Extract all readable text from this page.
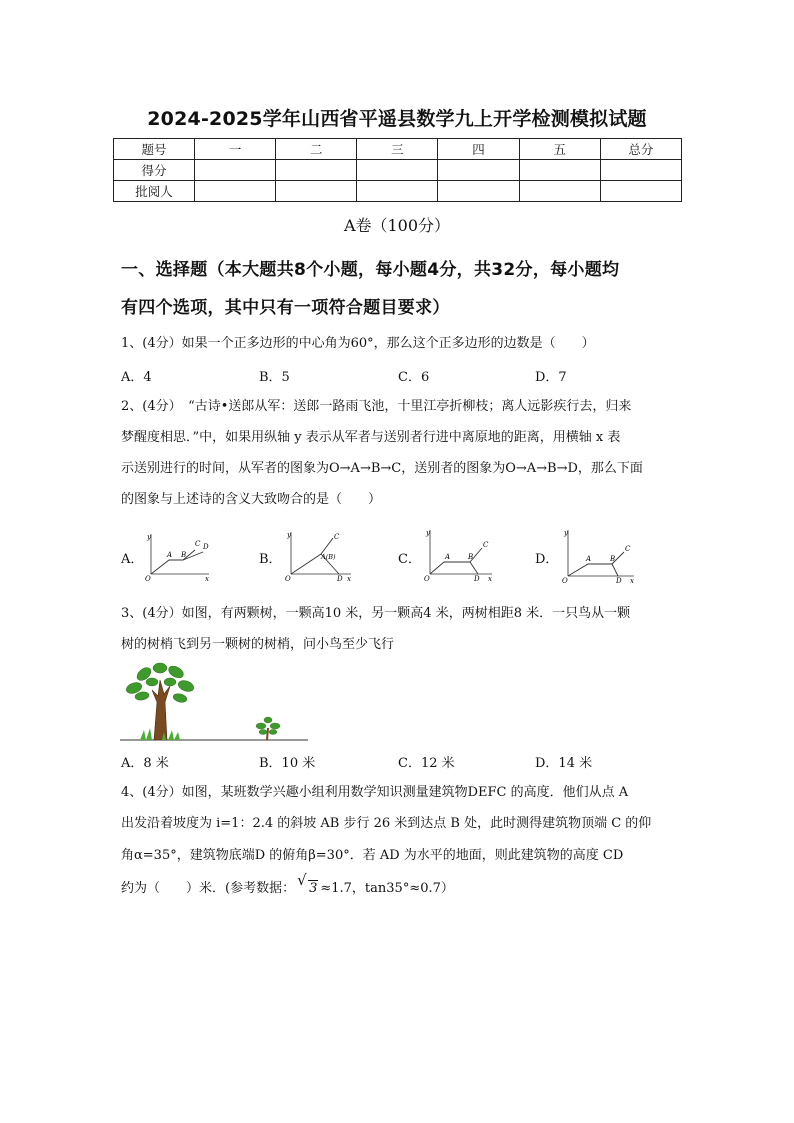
2024-2025学年山西省平遥县数学九上开学检测模拟试题
题号	一	二	三	四	五	总分
得分						
批阅人						
A卷（100分）
一、选择题（本大题共8个小题，每小题4分，共32分，每小题均
有四个选项，其中只有一项符合题目要求）
1、(4分）如果一个正多边形的中心角为60°，那么这个正多边形的边数是（　　）
A．4	B．5	C．6	D．7
2、(4分）　“古诗•送郎从军：送郎一路雨飞池，十里江亭折柳枝；离人远影疾行去，归来
梦醒度相思．”中，如果用纵轴 y 表示从军者与送别者行进中离原地的距离，用横轴 x 表
示送别进行的时间，从军者的图象为O→A→B→C，送别者的图象为O→A→B→D，那么下面
的图象与上述诗的含义大致吻合的是（　　）
A．	B．	C．	D．
y
x
O
A B
C D
y
x
O
C
A(B)
D
y
x
O
A	B
C
D
y
x
O
A	B
C
D
3、(4分）如图，有两颗树，一颗高10 米，另一颗高4 米，两树相距8 米．一只鸟从一颗
树的树梢飞到另一颗树的树梢，问小鸟至少飞行
A．8 米	B．10 米	C．12 米	D．14 米
4、(4分）如图，某班数学兴趣小组利用数学知识测量建筑物DEFC 的高度．他们从点 A
出发沿着坡度为 i=1：2.4 的斜坡 AB 步行 26 米到达点 B 处，此时测得建筑物顶端 C 的仰
角α=35°，建筑物底端D 的俯角β=30°．若 AD 为水平的地面，则此建筑物的高度 CD
约为（　　）米．(参考数据： √ 3 ≈1.7，tan35°≈0.7）
